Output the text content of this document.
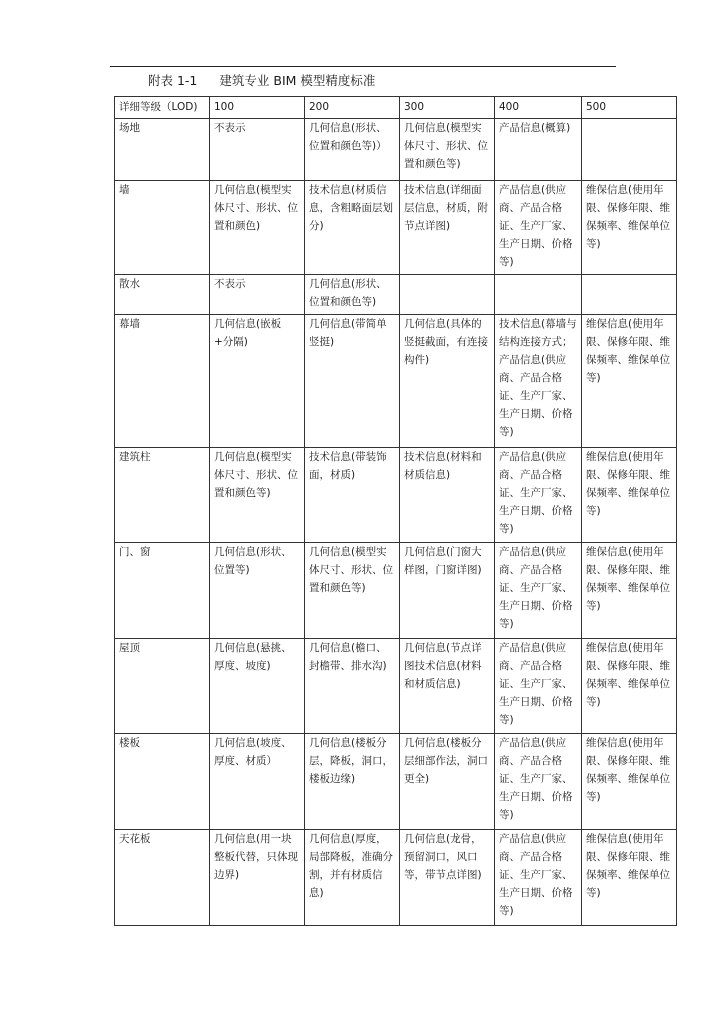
附表 1-1 建筑专业 BIM 模型精度标准
详细等级（LOD)	100	200	300	400	500
场地	不表示	几何信息(形状、位置和颜色等)）	几何信息(模型实体尺寸、形状、位置和颜色等)	产品信息(概算)	
墙	几何信息(模型实体尺寸、形状、位置和颜色)	技术信息(材质信息，含粗略面层划分)	技术信息(详细面层信息，材质，附节点详图)	产品信息(供应商、产品合格证、生产厂家、生产日期、价格等)	维保信息(使用年限、保修年限、维保频率、维保单位等)
散水	不表示	几何信息(形状、位置和颜色等)			
幕墙	几何信息(嵌板+分隔)	几何信息(带简单竖挺)	几何信息(具体的竖挺截面，有连接构件)	技术信息(幕墙与结构连接方式；产品信息(供应商、产品合格证、生产厂家、生产日期、价格等)	维保信息(使用年限、保修年限、维保频率、维保单位等)
建筑柱	几何信息(模型实体尺寸、形状、位置和颜色等)	技术信息(带装饰面，材质)	技术信息(材料和材质信息)	产品信息(供应商、产品合格证、生产厂家、生产日期、价格等)	维保信息(使用年限、保修年限、维保频率、维保单位等)
门、窗	几何信息(形状、位置等)	几何信息(模型实体尺寸、形状、位置和颜色等)	几何信息(门窗大样图，门窗详图)	产品信息(供应商、产品合格证、生产厂家、生产日期、价格等)	维保信息(使用年限、保修年限、维保频率、维保单位等)
屋顶	几何信息(悬挑、厚度、坡度)	几何信息(檐口、封檐带、排水沟)	几何信息(节点详图技术信息(材料和材质信息)	产品信息(供应商、产品合格证、生产厂家、生产日期、价格等)	维保信息(使用年限、保修年限、维保频率、维保单位等)
楼板	几何信息(坡度、厚度、材质）	几何信息(楼板分层，降板，洞口，楼板边缘)	几何信息(楼板分层细部作法，洞口更全)	产品信息(供应商、产品合格证、生产厂家、生产日期、价格等)	维保信息(使用年限、保修年限、维保频率、维保单位等)
天花板	几何信息(用一块整板代替，只体现边界)	几何信息(厚度，局部降板，准确分割，并有材质信息)	几何信息(龙骨，预留洞口，风口等，带节点详图)	产品信息(供应商、产品合格证、生产厂家、生产日期、价格等)	维保信息(使用年限、保修年限、维保频率、维保单位等)
